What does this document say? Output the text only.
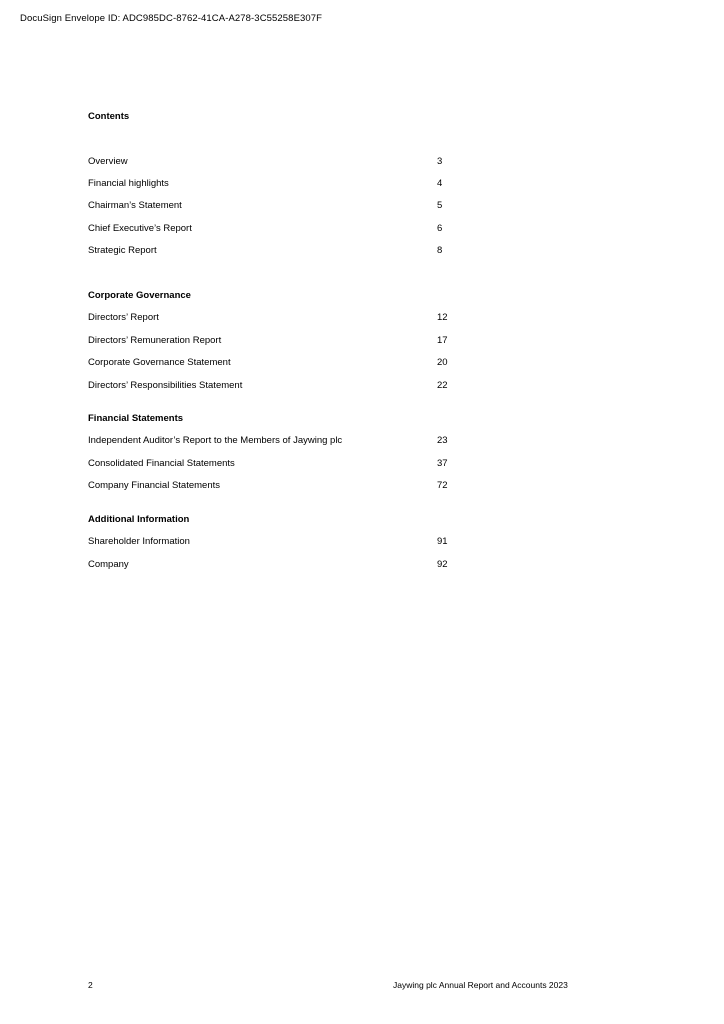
DocuSign Envelope ID: ADC985DC-8762-41CA-A278-3C55258E307F
Contents
Overview	3
Financial highlights	4
Chairman’s Statement	5
Chief Executive’s Report	6
Strategic Report	8
Corporate Governance
Directors’ Report	12
Directors’ Remuneration Report	17
Corporate Governance Statement	20
Directors’ Responsibilities Statement	22
Financial Statements
Independent Auditor’s Report to the Members of Jaywing plc	23
Consolidated Financial Statements	37
Company Financial Statements	72
Additional Information
Shareholder Information	91
Company	92
2	Jaywing plc Annual Report and Accounts 2023
